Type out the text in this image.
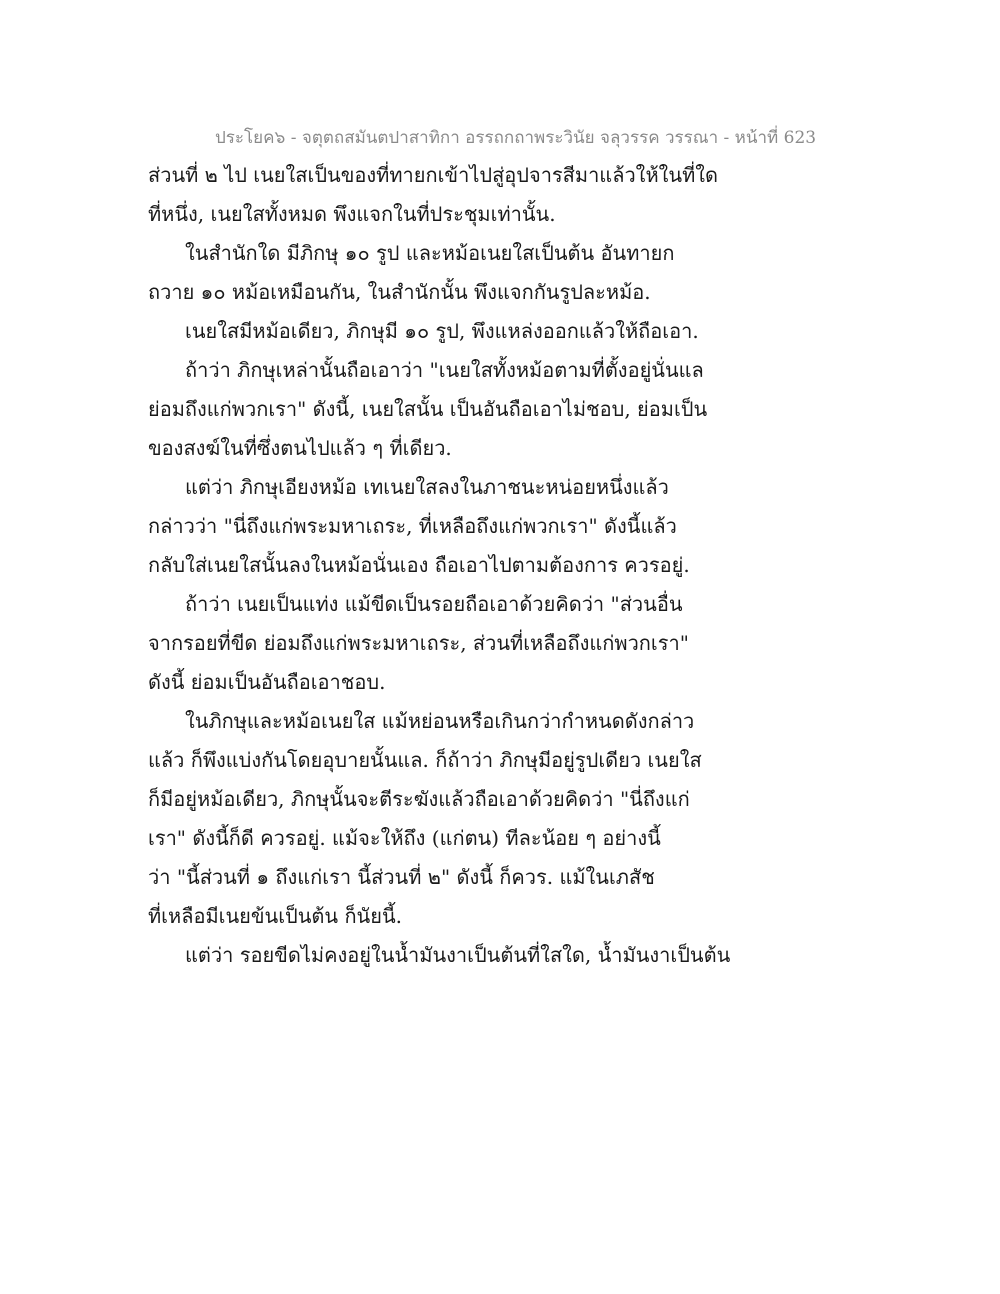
ประโยค๖ - จตุตถสมันตปาสาทิกา อรรถกถาพระวินัย จลุวรรค วรรณา - หน้าที่ 623
ส่วนที่ ๒ ไป เนยใสเป็นของที่ทายกเข้าไปสู่อุปจารสีมาแล้วให้ในที่ใด
ที่หนึ่ง, เนยใสทั้งหมด พึงแจกในที่ประชุมเท่านั้น.
ในสำนักใด มีภิกษุ ๑๐ รูป และหม้อเนยใสเป็นต้น อันทายก
ถวาย ๑๐ หม้อเหมือนกัน, ในสำนักนั้น พึงแจกกันรูปละหม้อ.
เนยใสมีหม้อเดียว, ภิกษุมี ๑๐ รูป, พึงแหล่งออกแล้วให้ถือเอา.
ถ้าว่า ภิกษุเหล่านั้นถือเอาว่า "เนยใสทั้งหม้อตามที่ตั้งอยู่นั่นแล
ย่อมถึงแก่พวกเรา" ดังนี้, เนยใสนั้น เป็นอันถือเอาไม่ชอบ, ย่อมเป็น
ของสงฆ์ในที่ซึ่งตนไปแล้ว ๆ ที่เดียว.
แต่ว่า ภิกษุเอียงหม้อ เทเนยใสลงในภาชนะหน่อยหนึ่งแล้ว
กล่าวว่า "นี่ถึงแก่พระมหาเถระ, ที่เหลือถึงแก่พวกเรา" ดังนี้แล้ว
กลับใส่เนยใสนั้นลงในหม้อนั่นเอง ถือเอาไปตามต้องการ ควรอยู่.
ถ้าว่า เนยเป็นแท่ง แม้ขีดเป็นรอยถือเอาด้วยคิดว่า "ส่วนอื่น
จากรอยที่ขีด ย่อมถึงแก่พระมหาเถระ, ส่วนที่เหลือถึงแก่พวกเรา"
ดังนี้ ย่อมเป็นอันถือเอาชอบ.
ในภิกษุและหม้อเนยใส แม้หย่อนหรือเกินกว่ากำหนดดังกล่าว
แล้ว ก็พึงแบ่งกันโดยอุบายนั้นแล. ก็ถ้าว่า ภิกษุมีอยู่รูปเดียว เนยใส
ก็มีอยู่หม้อเดียว, ภิกษุนั้นจะตีระฆังแล้วถือเอาด้วยคิดว่า "นี่ถึงแก่
เรา" ดังนี้ก็ดี ควรอยู่. แม้จะให้ถึง (แก่ตน) ทีละน้อย ๆ อย่างนี้
ว่า "นี้ส่วนที่ ๑ ถึงแก่เรา นี้ส่วนที่ ๒" ดังนี้ ก็ควร. แม้ในเภสัช
ที่เหลือมีเนยข้นเป็นต้น ก็นัยนี้.
แต่ว่า รอยขีดไม่คงอยู่ในน้ำมันงาเป็นต้นที่ใสใด, น้ำมันงาเป็นต้น
